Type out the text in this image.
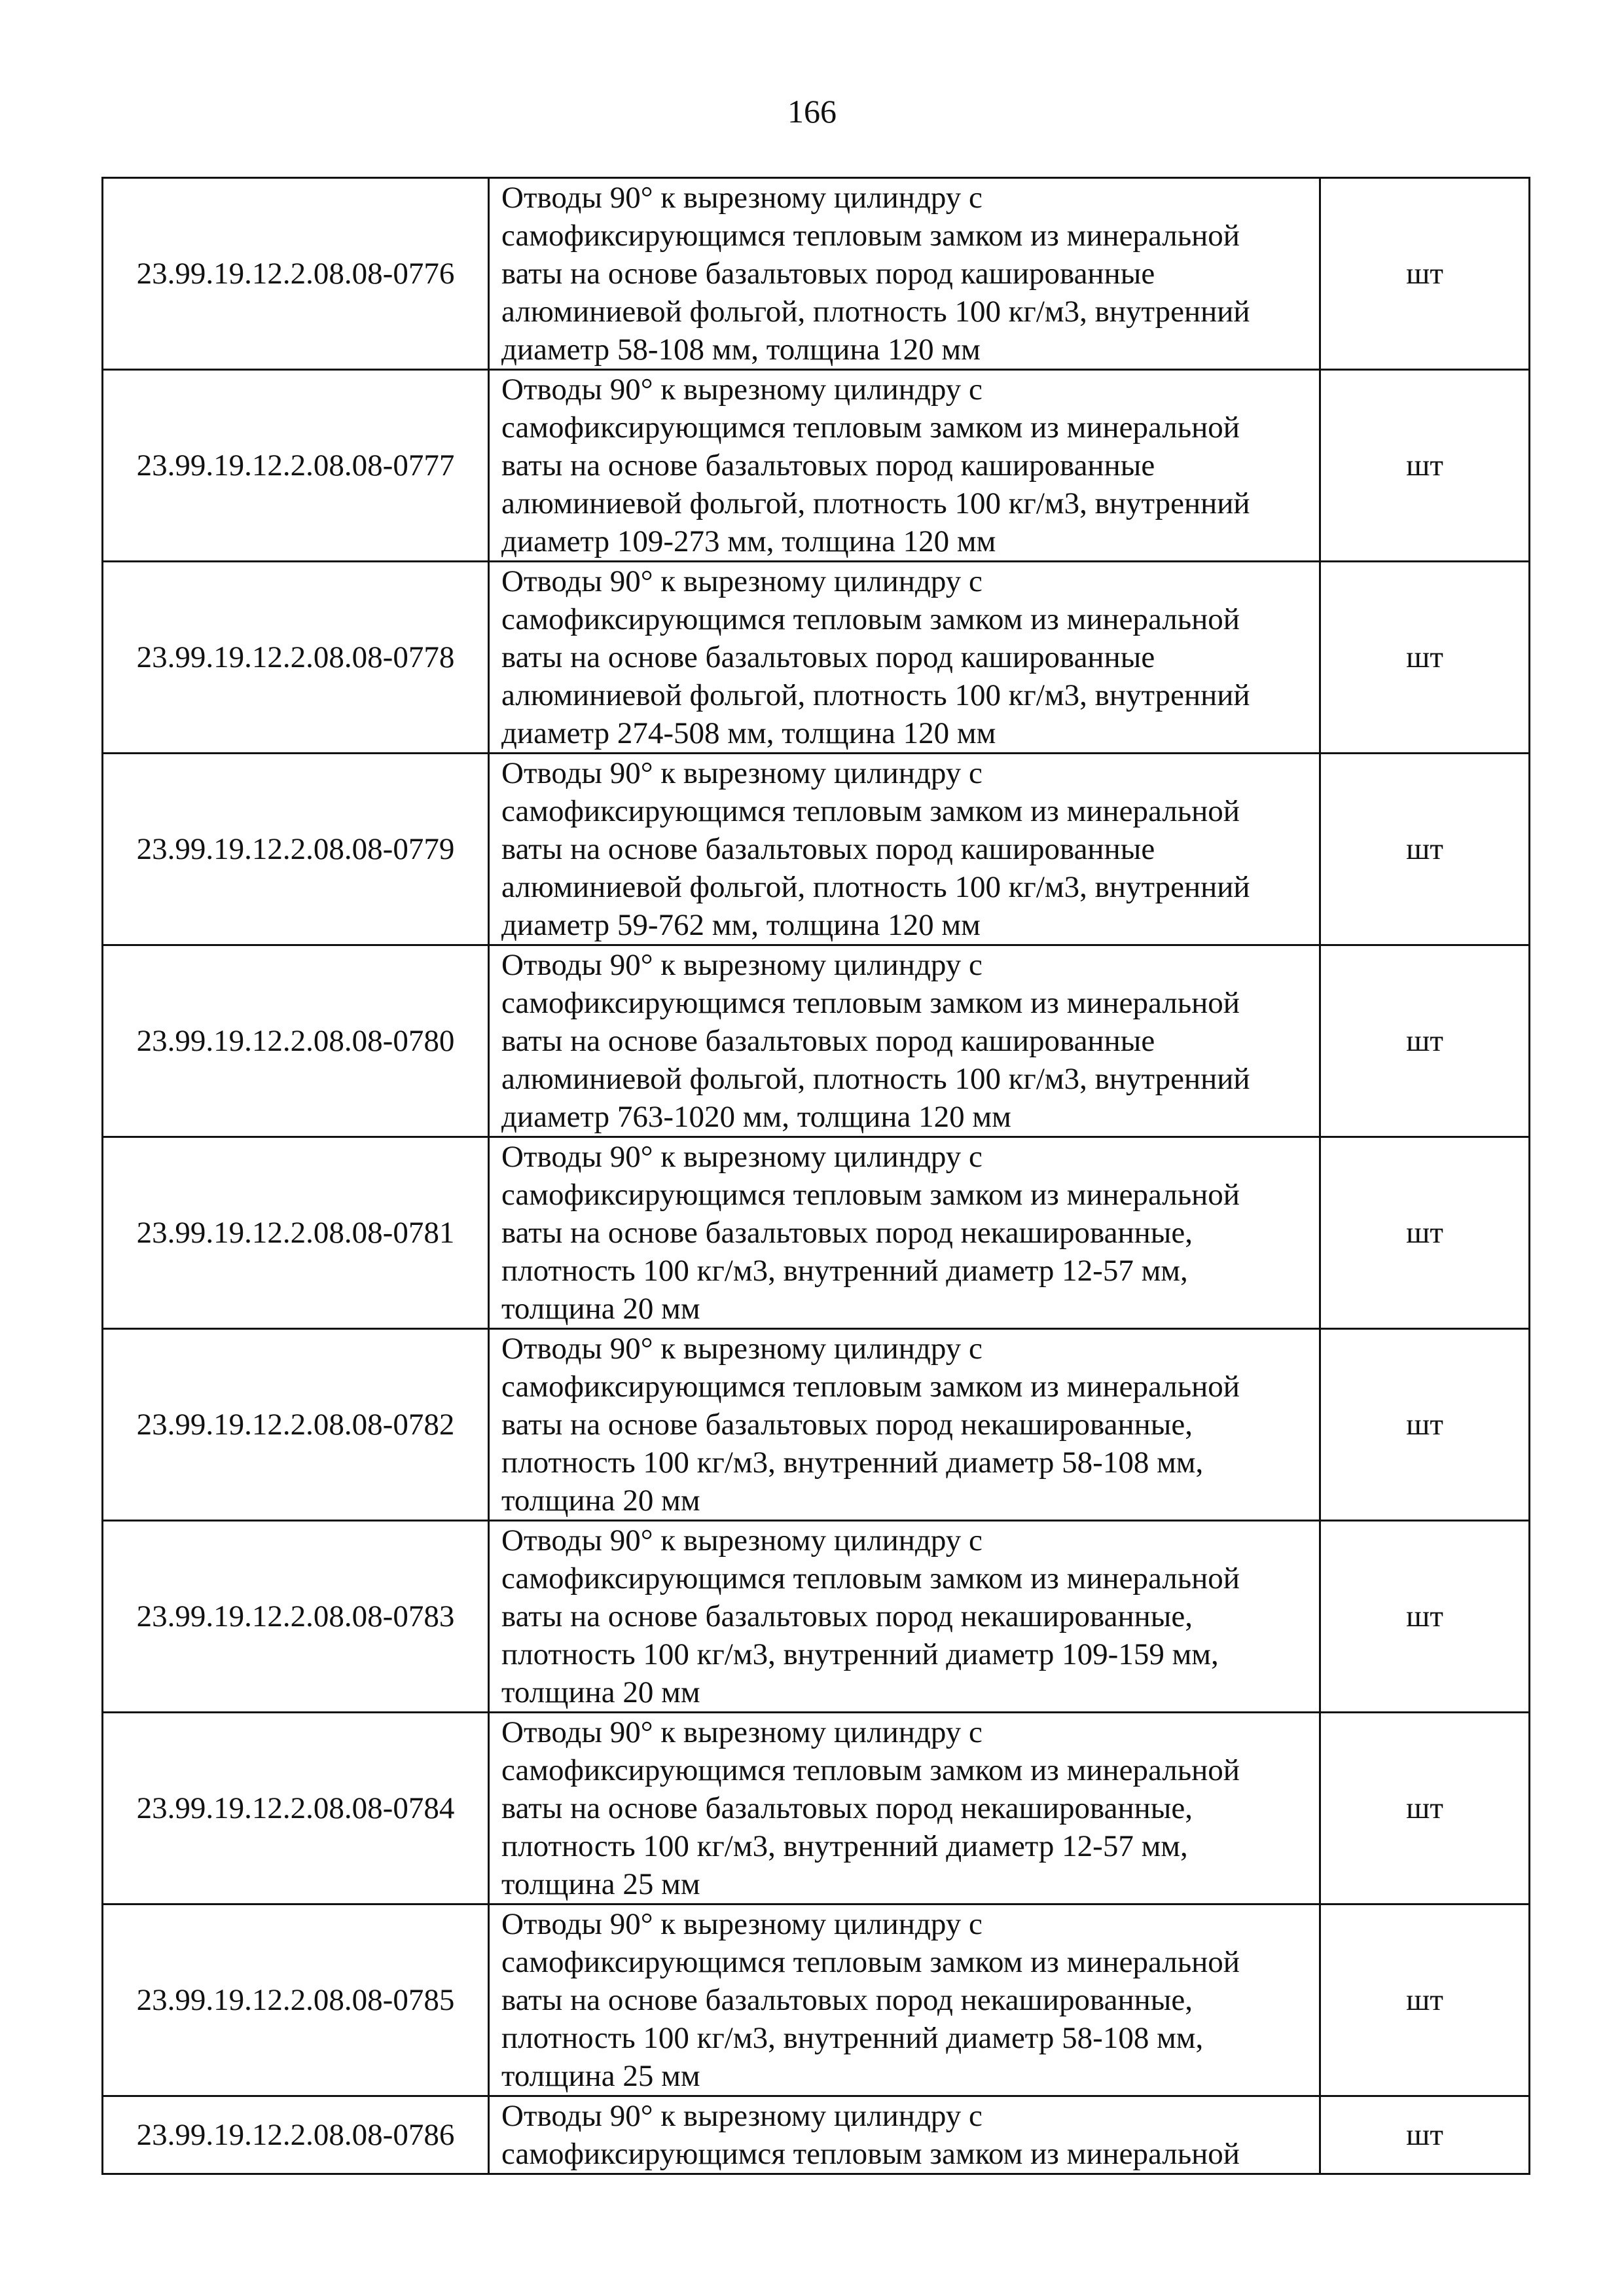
166
23.99.19.12.2.08.08-0776	Отводы 90° к вырезному цилиндру с
самофиксирующимся тепловым замком из минеральной
ваты на основе базальтовых пород кашированные
алюминиевой фольгой, плотность 100 кг/м3, внутренний
диаметр 58-108 мм, толщина 120 мм	шт
23.99.19.12.2.08.08-0777	Отводы 90° к вырезному цилиндру с
самофиксирующимся тепловым замком из минеральной
ваты на основе базальтовых пород кашированные
алюминиевой фольгой, плотность 100 кг/м3, внутренний
диаметр 109-273 мм, толщина 120 мм	шт
23.99.19.12.2.08.08-0778	Отводы 90° к вырезному цилиндру с
самофиксирующимся тепловым замком из минеральной
ваты на основе базальтовых пород кашированные
алюминиевой фольгой, плотность 100 кг/м3, внутренний
диаметр 274-508 мм, толщина 120 мм	шт
23.99.19.12.2.08.08-0779	Отводы 90° к вырезному цилиндру с
самофиксирующимся тепловым замком из минеральной
ваты на основе базальтовых пород кашированные
алюминиевой фольгой, плотность 100 кг/м3, внутренний
диаметр 59-762 мм, толщина 120 мм	шт
23.99.19.12.2.08.08-0780	Отводы 90° к вырезному цилиндру с
самофиксирующимся тепловым замком из минеральной
ваты на основе базальтовых пород кашированные
алюминиевой фольгой, плотность 100 кг/м3, внутренний
диаметр 763-1020 мм, толщина 120 мм	шт
23.99.19.12.2.08.08-0781	Отводы 90° к вырезному цилиндру с
самофиксирующимся тепловым замком из минеральной
ваты на основе базальтовых пород некашированные,
плотность 100 кг/м3, внутренний диаметр 12-57 мм,
толщина 20 мм	шт
23.99.19.12.2.08.08-0782	Отводы 90° к вырезному цилиндру с
самофиксирующимся тепловым замком из минеральной
ваты на основе базальтовых пород некашированные,
плотность 100 кг/м3, внутренний диаметр 58-108 мм,
толщина 20 мм	шт
23.99.19.12.2.08.08-0783	Отводы 90° к вырезному цилиндру с
самофиксирующимся тепловым замком из минеральной
ваты на основе базальтовых пород некашированные,
плотность 100 кг/м3, внутренний диаметр 109-159 мм,
толщина 20 мм	шт
23.99.19.12.2.08.08-0784	Отводы 90° к вырезному цилиндру с
самофиксирующимся тепловым замком из минеральной
ваты на основе базальтовых пород некашированные,
плотность 100 кг/м3, внутренний диаметр 12-57 мм,
толщина 25 мм	шт
23.99.19.12.2.08.08-0785	Отводы 90° к вырезному цилиндру с
самофиксирующимся тепловым замком из минеральной
ваты на основе базальтовых пород некашированные,
плотность 100 кг/м3, внутренний диаметр 58-108 мм,
толщина 25 мм	шт
23.99.19.12.2.08.08-0786	Отводы 90° к вырезному цилиндру с
самофиксирующимся тепловым замком из минеральной	шт
